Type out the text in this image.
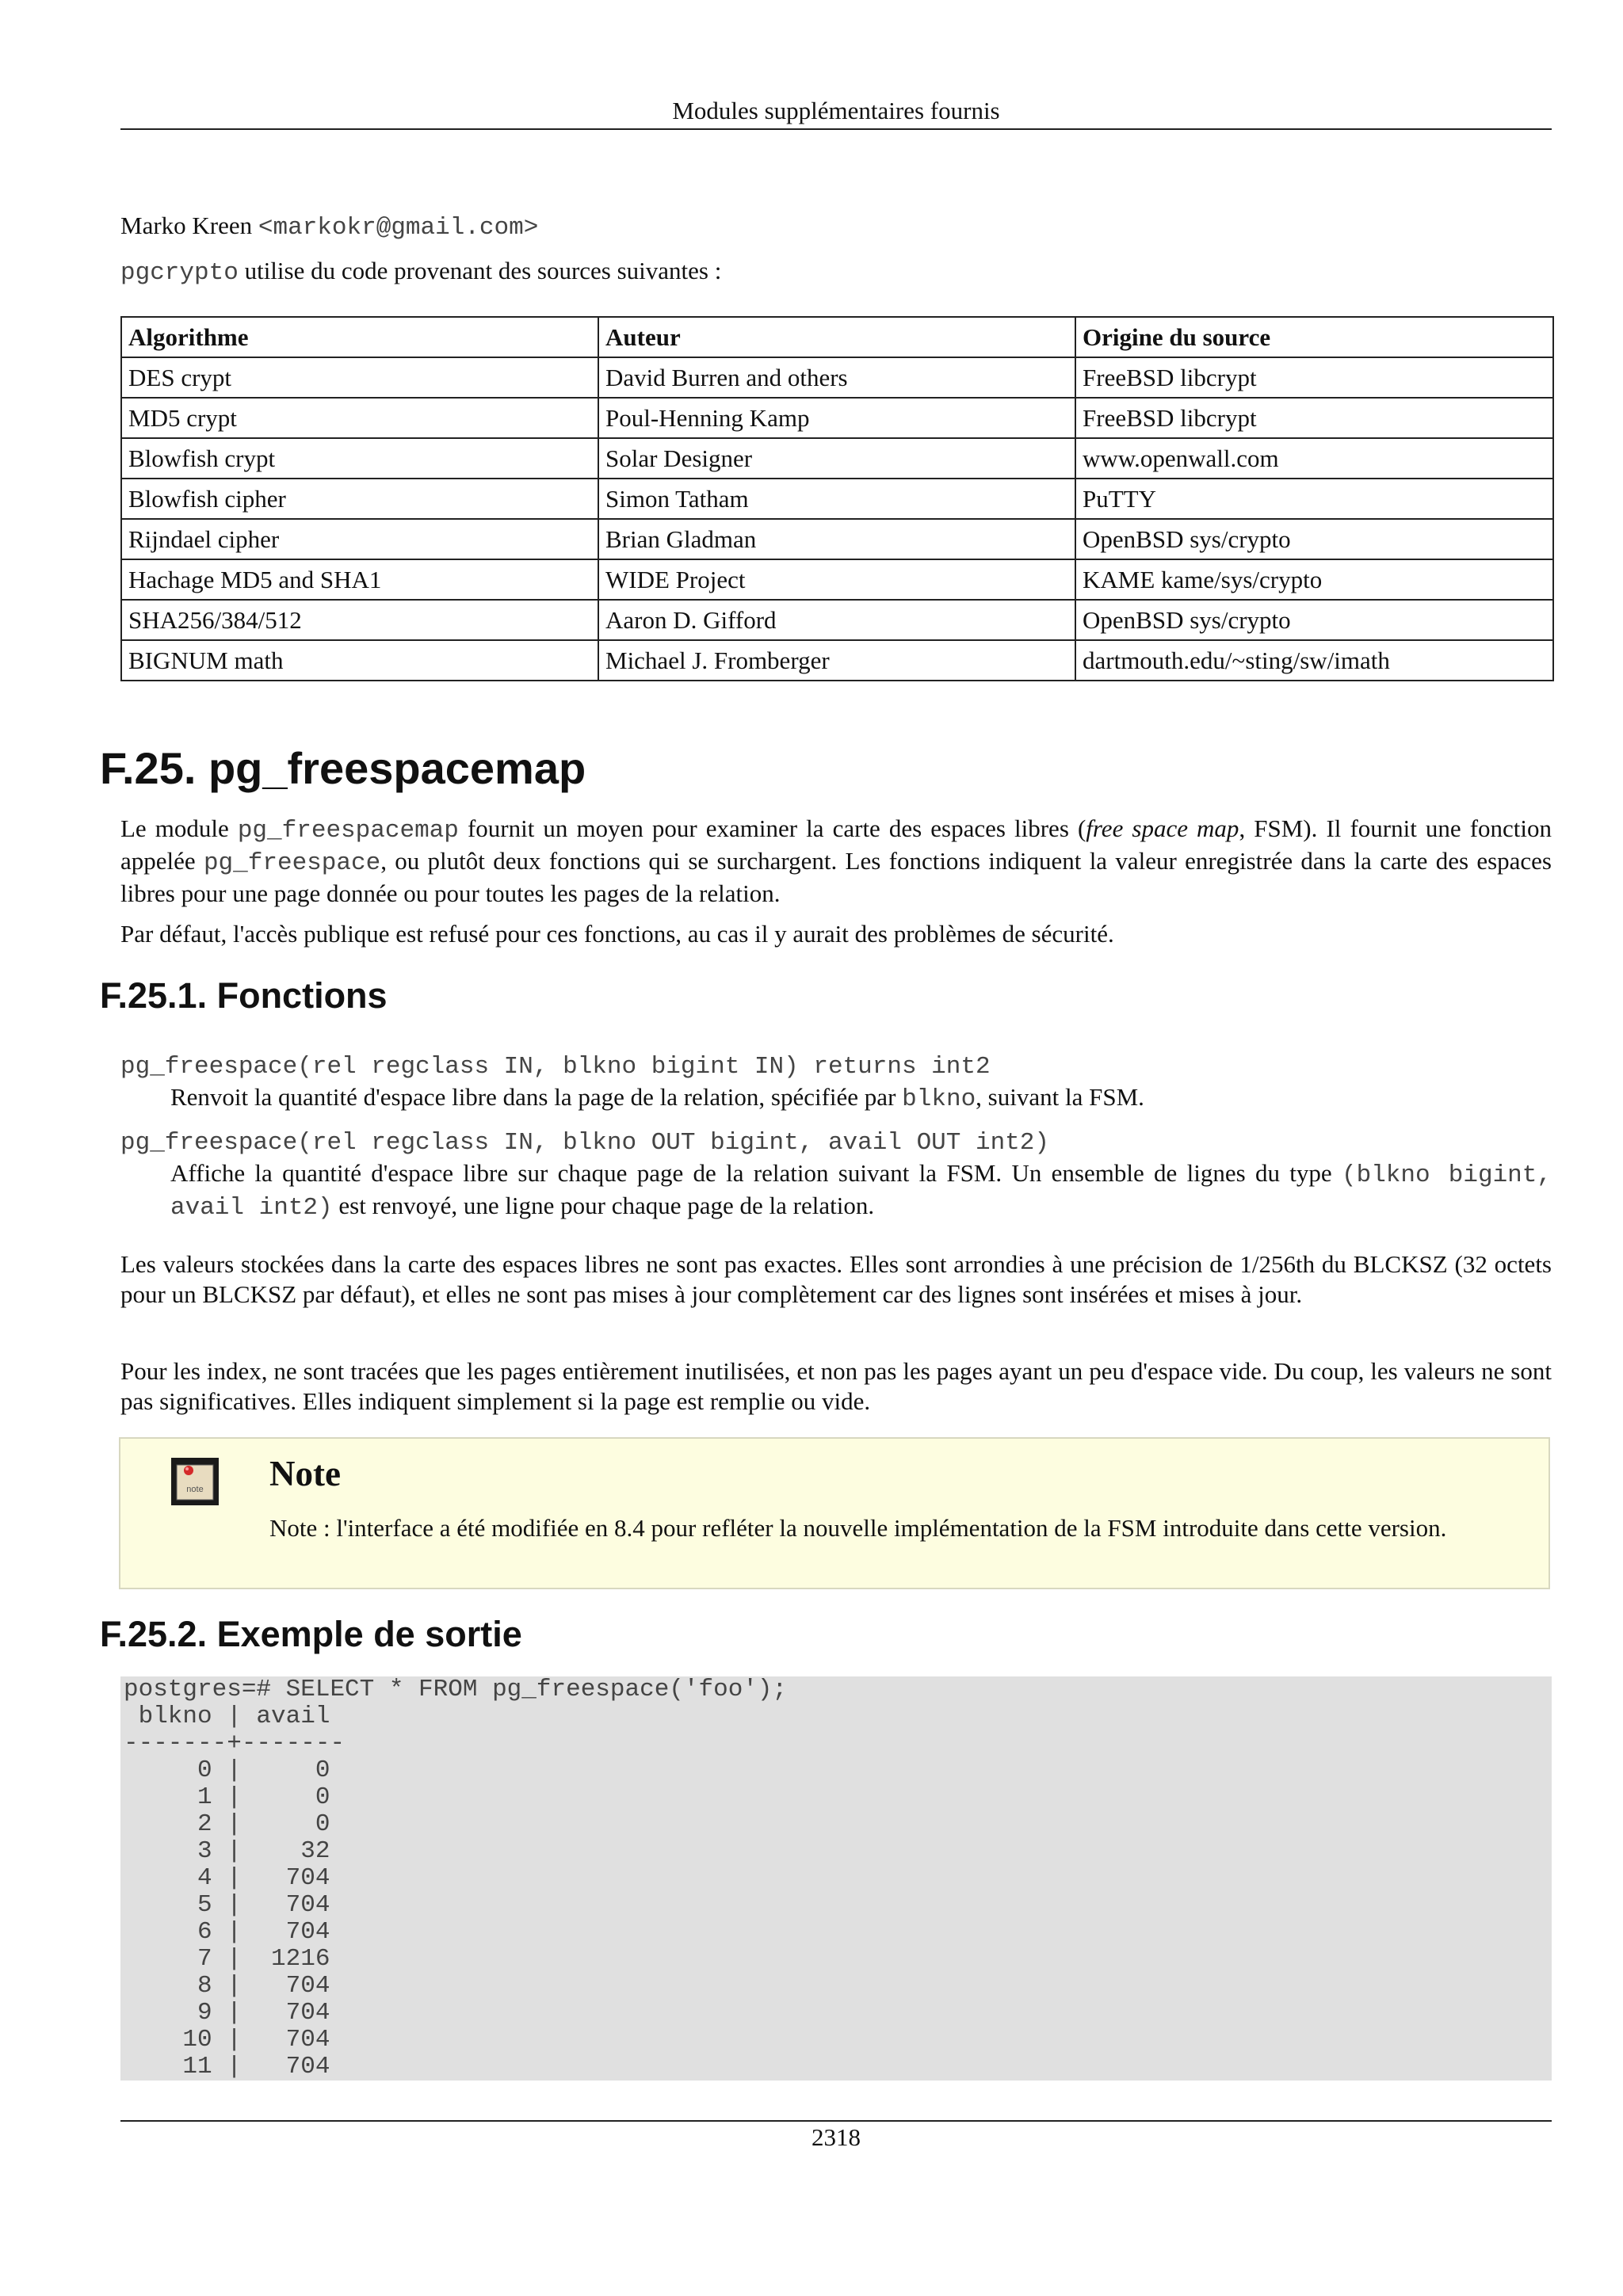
Modules supplémentaires fournis
Marko Kreen <markokr@gmail.com>
pgcrypto utilise du code provenant des sources suivantes :
Algorithme	Auteur	Origine du source
DES crypt	David Burren and others	FreeBSD libcrypt
MD5 crypt	Poul-Henning Kamp	FreeBSD libcrypt
Blowfish crypt	Solar Designer	www.openwall.com
Blowfish cipher	Simon Tatham	PuTTY
Rijndael cipher	Brian Gladman	OpenBSD sys/crypto
Hachage MD5 and SHA1	WIDE Project	KAME kame/sys/crypto
SHA256/384/512	Aaron D. Gifford	OpenBSD sys/crypto
BIGNUM math	Michael J. Fromberger	dartmouth.edu/~sting/sw/imath
F.25. pg_freespacemap

Le module pg_freespacemap fournit un moyen pour examiner la carte des espaces libres (free space map, FSM). Il fournit une fonction appelée pg_freespace, ou plutôt deux fonctions qui se surchargent. Les fonctions indiquent la valeur enregistrée dans la carte des espaces libres pour une page donnée ou pour toutes les pages de la relation.

Par défaut, l'accès publique est refusé pour ces fonctions, au cas il y aurait des problèmes de sécurité.

F.25.1. Fonctions
pg_freespace(rel regclass IN, blkno bigint IN) returns int2

Renvoit la quantité d'espace libre dans la page de la relation, spécifiée par blkno, suivant la FSM.

pg_freespace(rel regclass IN, blkno OUT bigint, avail OUT int2)

Affiche la quantité d'espace libre sur chaque page de la relation suivant la FSM. Un ensemble de lignes du type (blkno bigint, avail int2) est renvoyé, une ligne pour chaque page de la relation.

Les valeurs stockées dans la carte des espaces libres ne sont pas exactes. Elles sont arrondies à une précision de 1/256th du BLCKSZ (32 octets pour un BLCKSZ par défaut), et elles ne sont pas mises à jour complètement car des lignes sont insérées et mises à jour.

Pour les index, ne sont tracées que les pages entièrement inutilisées, et non pas les pages ayant un peu d'espace vide. Du coup, les valeurs ne sont pas significatives. Elles indiquent simplement si la page est remplie ou vide.

note Note
Note : l'interface a été modifiée en 8.4 pour refléter la nouvelle implémentation de la FSM introduite dans cette version.
F.25.2. Exemple de sortie
postgres=# SELECT * FROM pg_freespace('foo');
blkno | avail
-------+-------
0 |     0
1 |     0
2 |     0
3 |    32
4 |   704
5 |   704
6 |   704
7 |  1216
8 |   704
9 |   704
10 |   704
11 |   704
2318
